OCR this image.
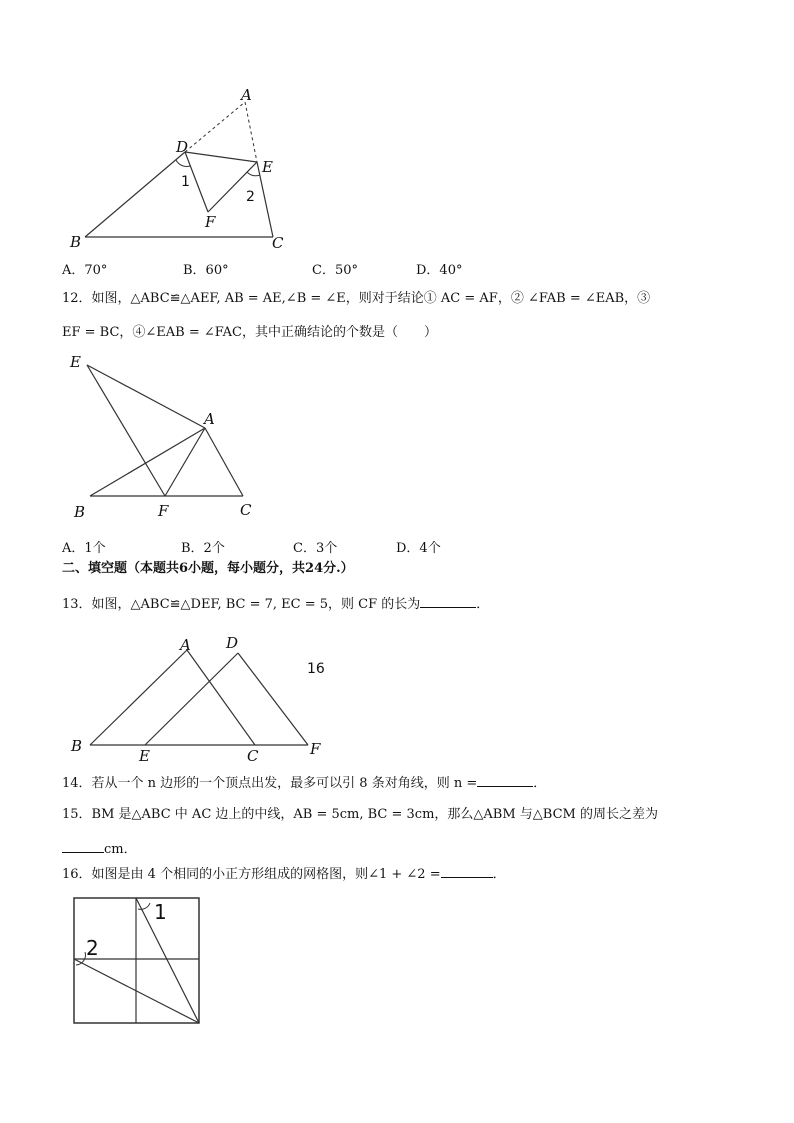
A
D
E
F
B	C
1
2
A．70°	B．60°	C．50°	D．40°
12．如图，△ABC≌△AEF, AB = AE,∠B = ∠E，则对于结论① AC = AF，② ∠FAB = ∠EAB，③
EF = BC，④∠EAB = ∠FAC，其中正确结论的个数是（　　）
E
A
B	F	C
A．1个	B．2个	C．3个	D．4个
二、填空题（本题共6小题，每小题分，共24分.）
13．如图，△ABC≌△DEF, BC = 7, EC = 5，则 CF 的长为	．
A D
B
E	C	F
16
14．若从一个 n 边形的一个顶点出发，最多可以引 8 条对角线，则 n =	．
15．BM 是△ABC 中 AC 边上的中线，AB = 5cm, BC = 3cm，那么△ABM 与△BCM 的周长之差为
cm．
16．如图是由 4 个相同的小正方形组成的网格图，则∠1 + ∠2 =	．
1
2
